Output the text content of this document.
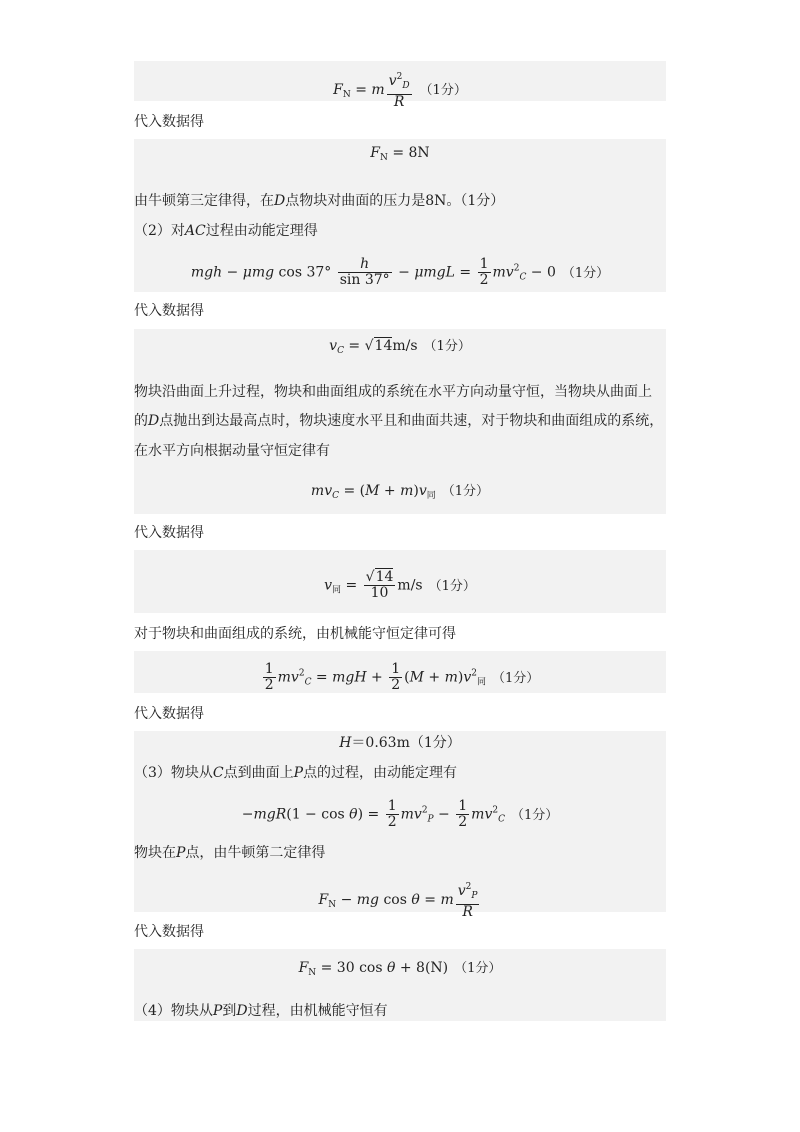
$F_N = m \frac{v^2_D}{R} (1$分）
代入数据得
$F_N = 8N$
由牛顿第三定律得，在D点物块对曲面的压力是8N。（1分）
（2）对AC过程由动能定理得
mgh − μmg $\cos 37^\circ \frac{h}{\sin 37^\circ} - \mu mgL = \frac{1}{2} mv^2_C - 0$ （1分）
代入数据得
$v_C = √14m/s$ （1分）
物块沿曲面上升过程，物块和曲面组成的系统在水平方向动量守恒，当物块从曲面上
的D点抛出到达最高点时，物块速度水平且和曲面共速，对于物块和曲面组成的系统，
在水平方向根据动量守恒定律有
$mv_C = (M + m)v_同$ （1分）
代入数据得
$v_同 = \frac{√14}{10} m/s$ （1分）
对于物块和曲面组成的系统，由机械能守恒定律可得
$\frac{1}{2} mv^2_C$ = mgH + $\frac{1}{2} (M + m)v^2_同$ （1分）
代入数据得
H＝0.63m（1分）
（3）物块从C点到曲面上P点的过程，由动能定理有
$-mgR(1 - \cos \theta) = \frac{1}{2} mv^2_P - \frac{1}{2} mv^2_C$ （1分）
物块在P点，由牛顿第二定律得
$F_N$ − mg cos θ = m $\frac{v^2_P}{R}$
代入数据得
$F_N = 30$ cos θ + 8(N) （1分）
（4）物块从P到D过程，由机械能守恒有
